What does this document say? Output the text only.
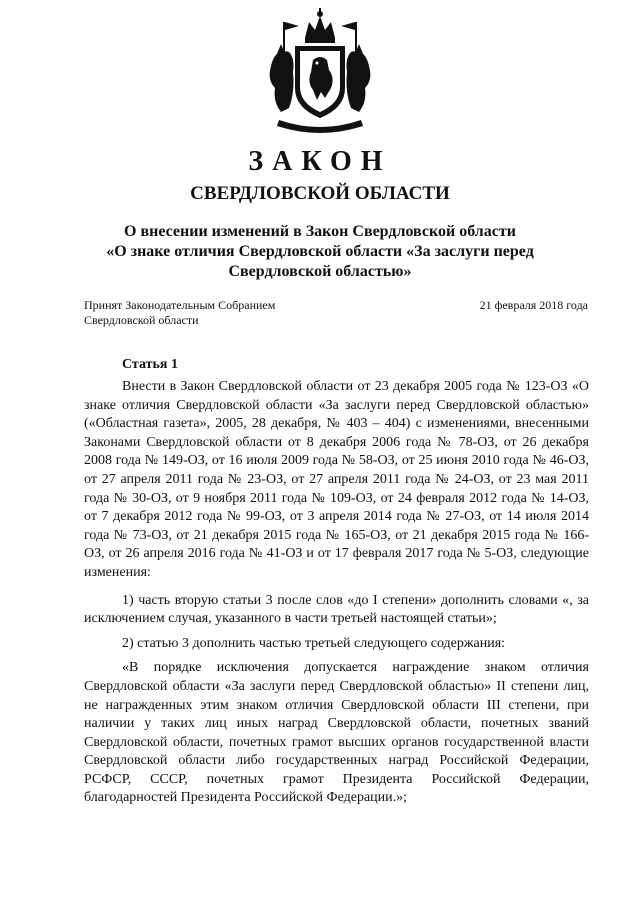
ЗАКОН
СВЕРДЛОВСКОЙ ОБЛАСТИ
О внесении изменений в Закон Свердловской области
«О знаке отличия Свердловской области «За заслуги перед
Свердловской областью»
Принят Законодательным Собранием
Свердловской области
21 февраля 2018 года
Статья 1

Внести в Закон Свердловской области от 23 декабря 2005 года № 123-ОЗ «О знаке отличия Свердловской области «За заслуги перед Свердловской областью» («Областная газета», 2005, 28 декабря, № 403 – 404) с изменениями, внесенными Законами Свердловской области от 8 декабря 2006 года № 78-ОЗ, от 26 декабря 2008 года № 149-ОЗ, от 16 июля 2009 года № 58-ОЗ, от 25 июня 2010 года № 46-ОЗ, от 27 апреля 2011 года № 23-ОЗ, от 27 апреля 2011 года № 24-ОЗ, от 23 мая 2011 года № 30-ОЗ, от 9 ноября 2011 года № 109-ОЗ, от 24 февраля 2012 года № 14-ОЗ, от 7 декабря 2012 года № 99-ОЗ, от 3 апреля 2014 года № 27-ОЗ, от 14 июля 2014 года № 73-ОЗ, от 21 декабря 2015 года № 165-ОЗ, от 21 декабря 2015 года № 166-ОЗ, от 26 апреля 2016 года № 41-ОЗ и от 17 февраля 2017 года № 5-ОЗ, следующие изменения:

1) часть вторую статьи 3 после слов «до I степени» дополнить словами «, за исключением случая, указанного в части третьей настоящей статьи»;

2) статью 3 дополнить частью третьей следующего содержания:

«В порядке исключения допускается награждение знаком отличия Свердловской области «За заслуги перед Свердловской областью» II степени лиц, не награжденных этим знаком отличия Свердловской области III степени, при наличии у таких лиц иных наград Свердловской области, почетных званий Свердловской области, почетных грамот высших органов государственной власти Свердловской области либо государственных наград Российской Федерации, РСФСР, СССР, почетных грамот Президента Российской Федерации, благодарностей Президента Российской Федерации.»;
